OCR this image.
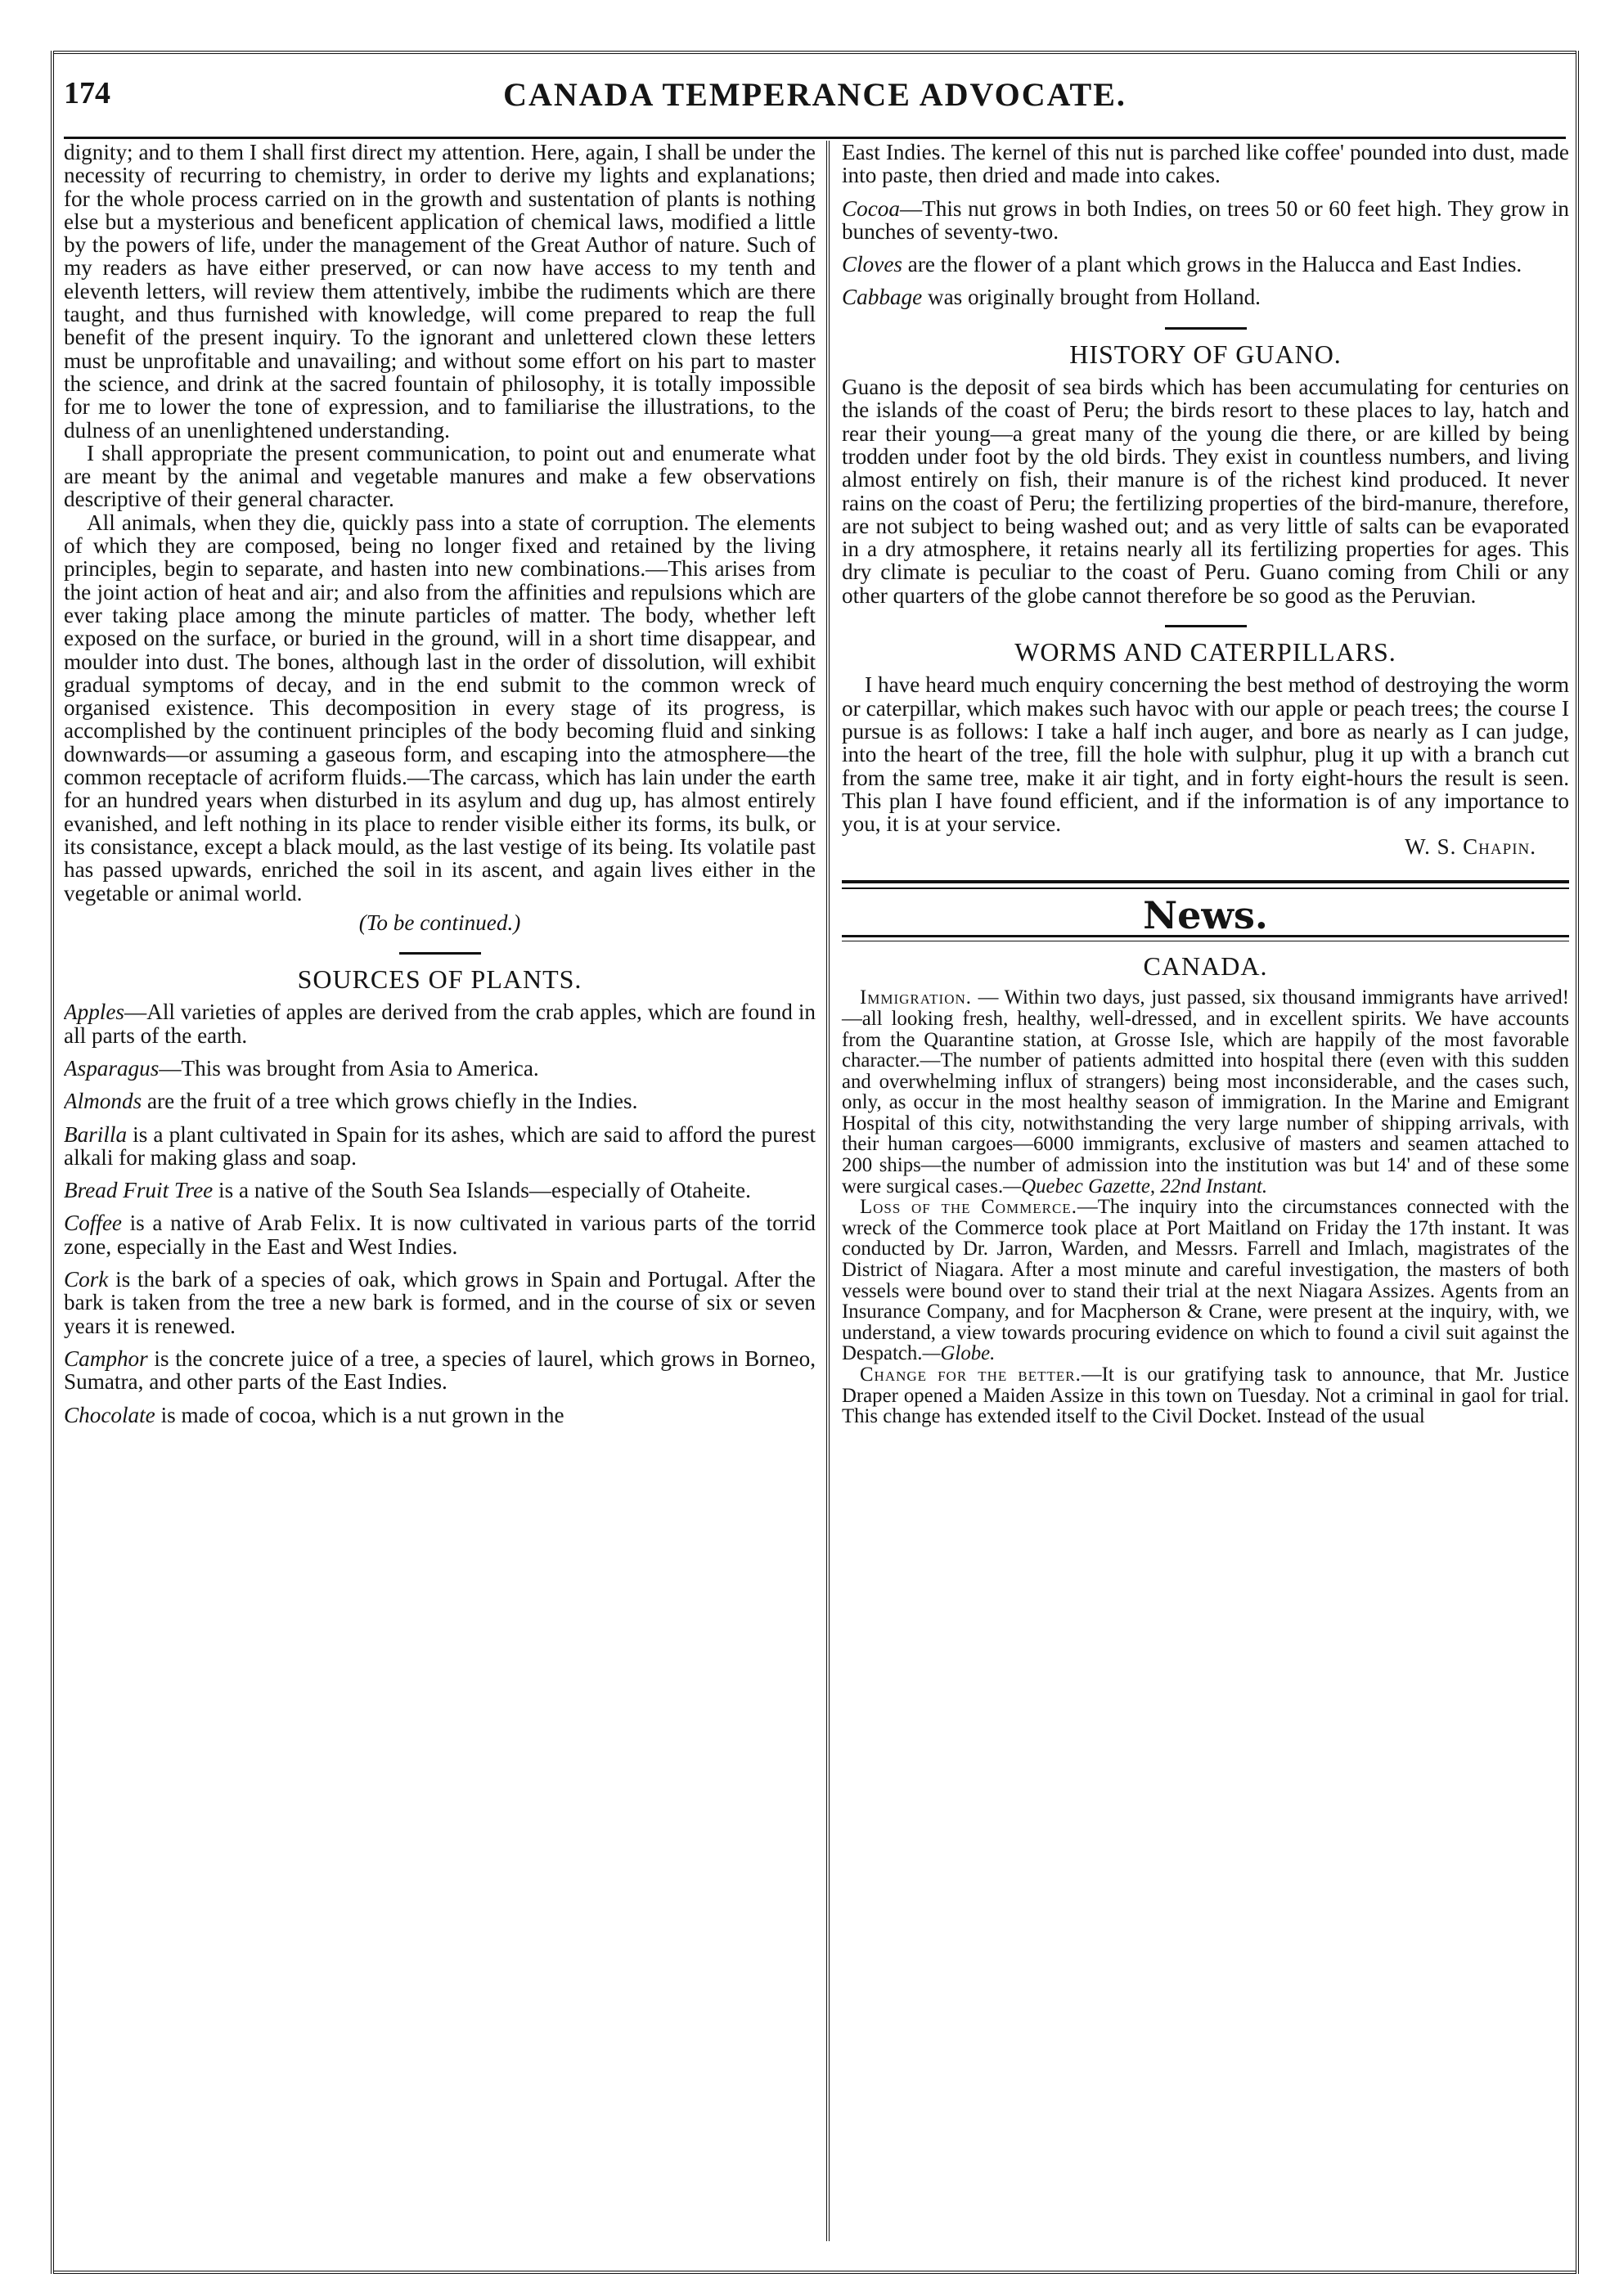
CANADA TEMPERANCE ADVOCATE.
174

dignity; and to them I shall first direct my attention. Here, again, I shall be under the necessity of recurring to chemistry, in order to derive my lights and explanations; for the whole process carried on in the growth and sustentation of plants is nothing else but a mysterious and beneficent application of chemical laws, modified a little by the powers of life, under the management of the Great Author of nature. Such of my readers as have either preserved, or can now have access to my tenth and eleventh letters, will review them attentively, imbibe the rudiments which are there taught, and thus furnished with knowledge, will come prepared to reap the full benefit of the present inquiry. To the ignorant and unlettered clown these letters must be unprofitable and unavailing; and without some effort on his part to master the science, and drink at the sacred fountain of philosophy, it is totally impossible for me to lower the tone of expression, and to familiarise the illustrations, to the dulness of an unenlightened understanding.

I shall appropriate the present communication, to point out and enumerate what are meant by the animal and vegetable manures and make a few observations descriptive of their general character.

All animals, when they die, quickly pass into a state of corruption. The elements of which they are composed, being no longer fixed and retained by the living principles, begin to separate, and hasten into new combinations.—This arises from the joint action of heat and air; and also from the affinities and repulsions which are ever taking place among the minute particles of matter. The body, whether left exposed on the surface, or buried in the ground, will in a short time disappear, and moulder into dust. The bones, although last in the order of dissolution, will exhibit gradual symptoms of decay, and in the end submit to the common wreck of organised existence. This decomposition in every stage of its progress, is accomplished by the continuent principles of the body becoming fluid and sinking downwards—or assuming a gaseous form, and escaping into the atmosphere—the common receptacle of acriform fluids.—The carcass, which has lain under the earth for an hundred years when disturbed in its asylum and dug up, has almost entirely evanished, and left nothing in its place to render visible either its forms, its bulk, or its consistance, except a black mould, as the last vestige of its being. Its volatile past has passed upwards, enriched the soil in its ascent, and again lives either in the vegetable or animal world.

(To be continued.)
SOURCES OF PLANTS.

Apples—All varieties of apples are derived from the crab apples, which are found in all parts of the earth.

Asparagus—This was brought from Asia to America.

Almonds are the fruit of a tree which grows chiefly in the Indies.

Barilla is a plant cultivated in Spain for its ashes, which are said to afford the purest alkali for making glass and soap.

Bread Fruit Tree is a native of the South Sea Islands—especially of Otaheite.

Coffee is a native of Arab Felix. It is now cultivated in various parts of the torrid zone, especially in the East and West Indies.

Cork is the bark of a species of oak, which grows in Spain and Portugal. After the bark is taken from the tree a new bark is formed, and in the course of six or seven years it is renewed.

Camphor is the concrete juice of a tree, a species of laurel, which grows in Borneo, Sumatra, and other parts of the East Indies.

Chocolate is made of cocoa, which is a nut grown in the

East Indies. The kernel of this nut is parched like coffee' pounded into dust, made into paste, then dried and made into cakes.

Cocoa—This nut grows in both Indies, on trees 50 or 60 feet high. They grow in bunches of seventy-two.

Cloves are the flower of a plant which grows in the Halucca and East Indies.

Cabbage was originally brought from Holland.

HISTORY OF GUANO.

Guano is the deposit of sea birds which has been accumulating for centuries on the islands of the coast of Peru; the birds resort to these places to lay, hatch and rear their young—a great many of the young die there, or are killed by being trodden under foot by the old birds. They exist in countless numbers, and living almost entirely on fish, their manure is of the richest kind produced. It never rains on the coast of Peru; the fertilizing properties of the bird-manure, therefore, are not subject to being washed out; and as very little of salts can be evaporated in a dry atmosphere, it retains nearly all its fertilizing properties for ages. This dry climate is peculiar to the coast of Peru. Guano coming from Chili or any other quarters of the globe cannot therefore be so good as the Peruvian.

WORMS AND CATERPILLARS.

I have heard much enquiry concerning the best method of destroying the worm or caterpillar, which makes such havoc with our apple or peach trees; the course I pursue is as follows: I take a half inch auger, and bore as nearly as I can judge, into the heart of the tree, fill the hole with sulphur, plug it up with a branch cut from the same tree, make it air tight, and in forty eight-hours the result is seen. This plan I have found efficient, and if the information is of any importance to you, it is at your service.

W. S. Chapin.
News.
CANADA.

Immigration. — Within two days, just passed, six thousand immigrants have arrived!—all looking fresh, healthy, well-dressed, and in excellent spirits. We have accounts from the Quarantine station, at Grosse Isle, which are happily of the most favorable character.—The number of patients admitted into hospital there (even with this sudden and overwhelming influx of strangers) being most inconsiderable, and the cases such, only, as occur in the most healthy season of immigration. In the Marine and Emigrant Hospital of this city, notwithstanding the very large number of shipping arrivals, with their human cargoes—6000 immigrants, exclusive of masters and seamen attached to 200 ships—the number of admission into the institution was but 14' and of these some were surgical cases.—Quebec Gazette, 22nd Instant.

Loss of the Commerce.—The inquiry into the circumstances connected with the wreck of the Commerce took place at Port Maitland on Friday the 17th instant. It was conducted by Dr. Jarron, Warden, and Messrs. Farrell and Imlach, magistrates of the District of Niagara. After a most minute and careful investigation, the masters of both vessels were bound over to stand their trial at the next Niagara Assizes. Agents from an Insurance Company, and for Macpherson & Crane, were present at the inquiry, with, we understand, a view towards procuring evidence on which to found a civil suit against the Despatch.—Globe.

Change for the better.—It is our gratifying task to announce, that Mr. Justice Draper opened a Maiden Assize in this town on Tuesday. Not a criminal in gaol for trial. This change has extended itself to the Civil Docket. Instead of the usual
